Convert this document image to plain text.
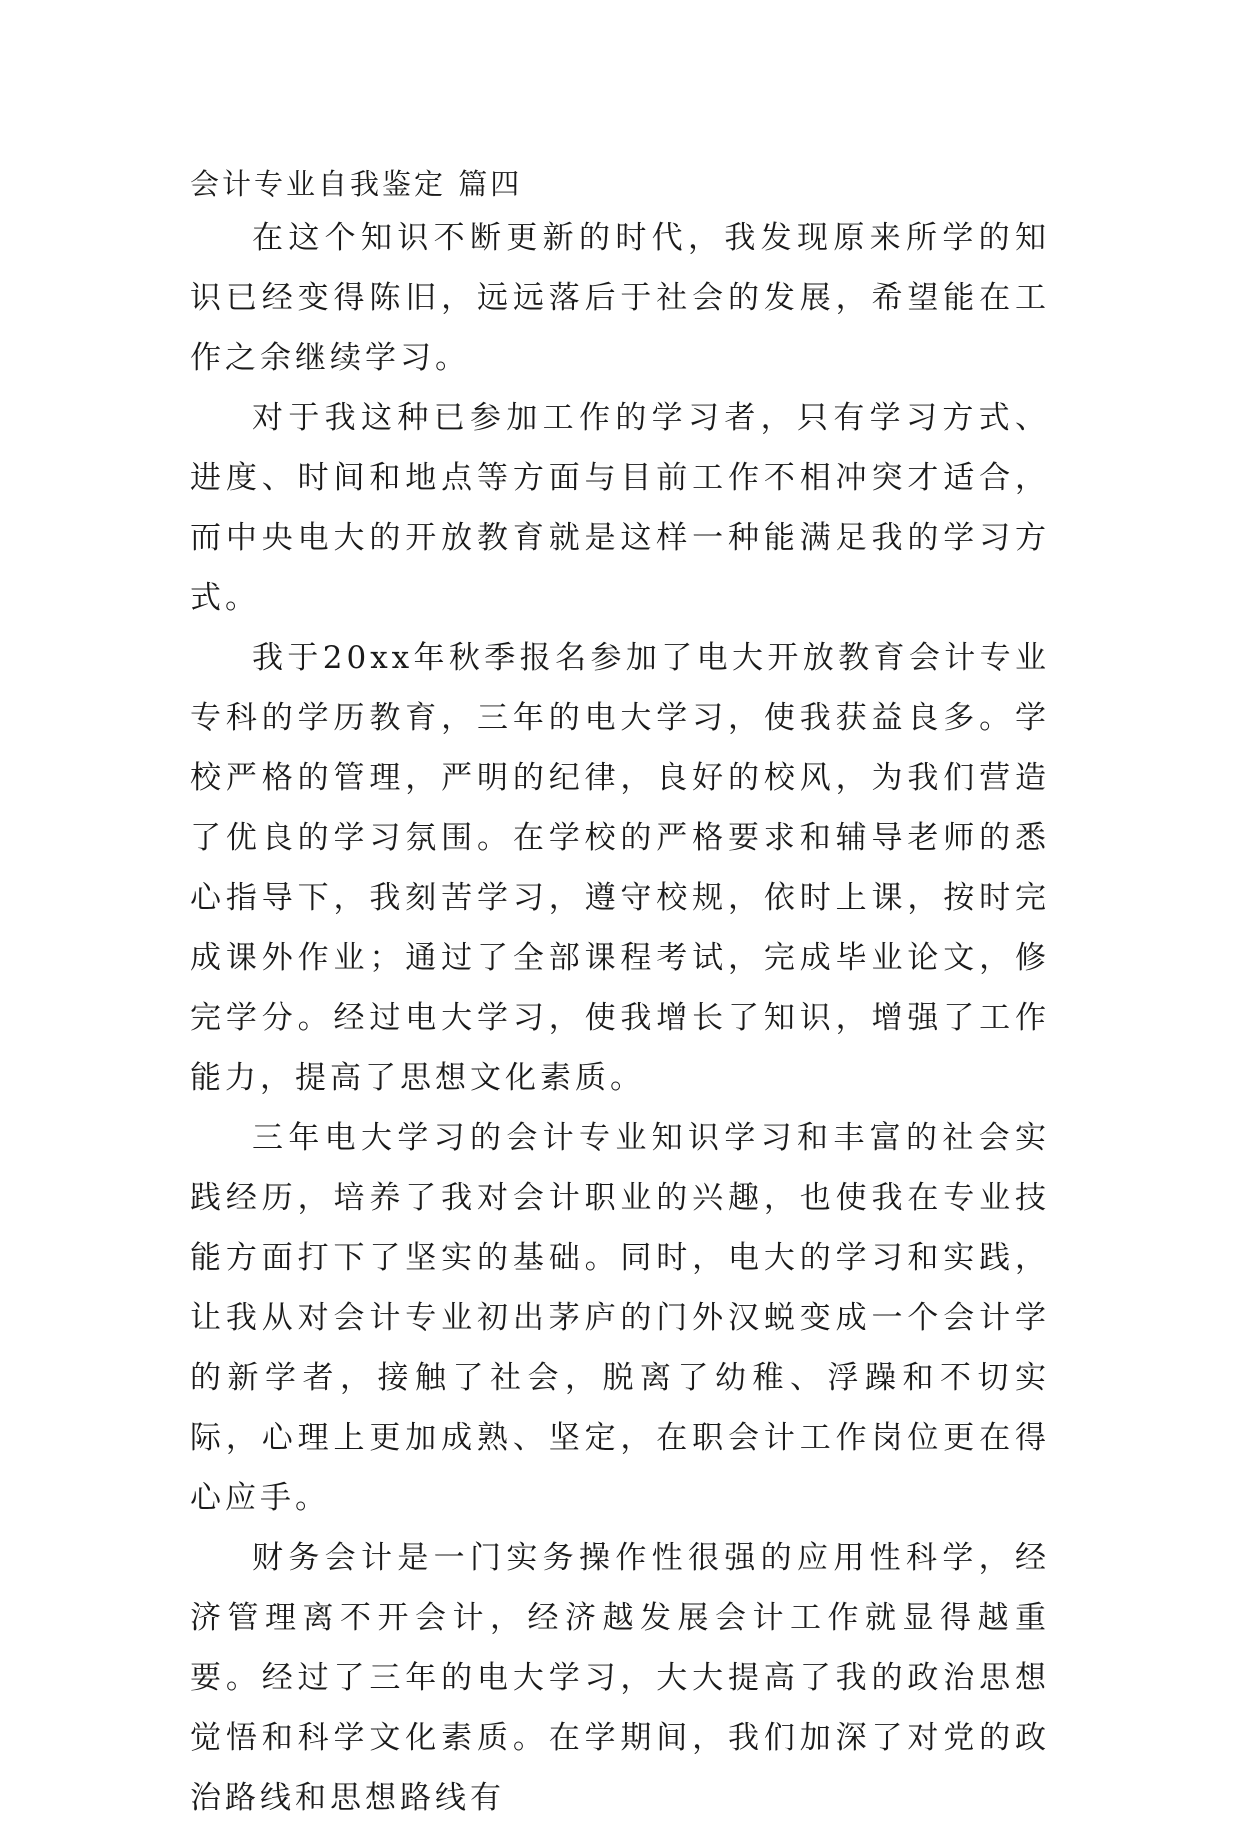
会计专业自我鉴定 篇四

在这个知识不断更新的时代，我发现原来所学的知识已经变得陈旧，远远落后于社会的发展，希望能在工作之余继续学习。

对于我这种已参加工作的学习者，只有学习方式、进度、时间和地点等方面与目前工作不相冲突才适合，而中央电大的开放教育就是这样一种能满足我的学习方式。

我于20xx年秋季报名参加了电大开放教育会计专业专科的学历教育，三年的电大学习，使我获益良多。学校严格的管理，严明的纪律，良好的校风，为我们营造了优良的学习氛围。在学校的严格要求和辅导老师的悉心指导下，我刻苦学习，遵守校规，依时上课，按时完成课外作业；通过了全部课程考试，完成毕业论文，修完学分。经过电大学习，使我增长了知识，增强了工作能力，提高了思想文化素质。

三年电大学习的会计专业知识学习和丰富的社会实践经历，培养了我对会计职业的兴趣，也使我在专业技能方面打下了坚实的基础。同时，电大的学习和实践，让我从对会计专业初出茅庐的门外汉蜕变成一个会计学的新学者，接触了社会，脱离了幼稚、浮躁和不切实际，心理上更加成熟、坚定，在职会计工作岗位更在得心应手。

财务会计是一门实务操作性很强的应用性科学，经济管理离不开会计，经济越发展会计工作就显得越重要。经过了三年的电大学习，大大提高了我的政治思想觉悟和科学文化素质。在学期间，我们加深了对党的政治路线和思想路线有
